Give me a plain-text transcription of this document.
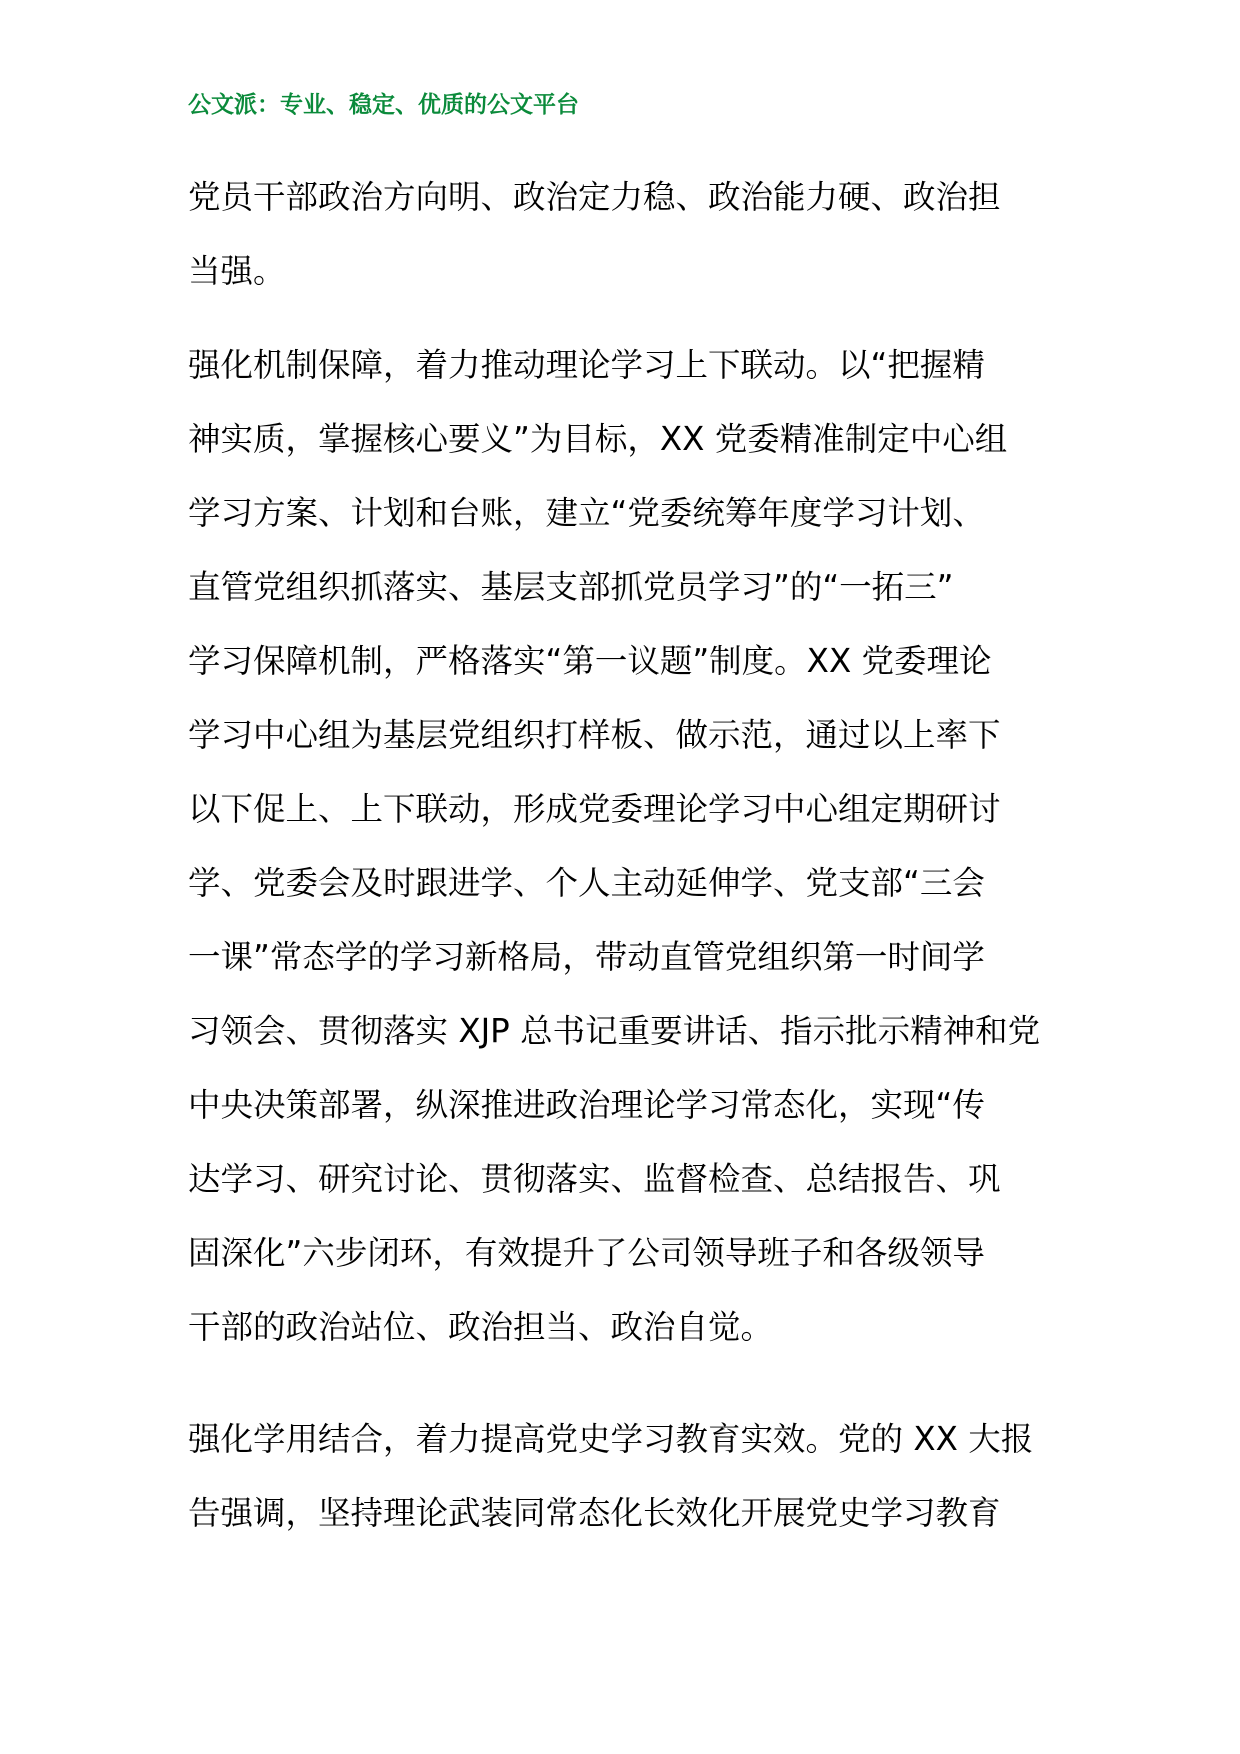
公文派：专业、稳定、优质的公文平台
党员干部政治方向明、政治定力稳、政治能力硬、政治担
当强。
强化机制保障，着力推动理论学习上下联动。以“把握精
神实质，掌握核心要义”为目标，XX 党委精准制定中心组
学习方案、计划和台账，建立“党委统筹年度学习计划、
直管党组织抓落实、基层支部抓党员学习”的“一拓三”
学习保障机制，严格落实“第一议题”制度。XX 党委理论
学习中心组为基层党组织打样板、做示范，通过以上率下
以下促上、上下联动，形成党委理论学习中心组定期研讨
学、党委会及时跟进学、个人主动延伸学、党支部“三会
一课”常态学的学习新格局，带动直管党组织第一时间学
习领会、贯彻落实 XJP 总书记重要讲话、指示批示精神和党
中央决策部署，纵深推进政治理论学习常态化，实现“传
达学习、研究讨论、贯彻落实、监督检查、总结报告、巩
固深化”六步闭环，有效提升了公司领导班子和各级领导
干部的政治站位、政治担当、政治自觉。
强化学用结合，着力提高党史学习教育实效。党的 XX 大报
告强调，坚持理论武装同常态化长效化开展党史学习教育
